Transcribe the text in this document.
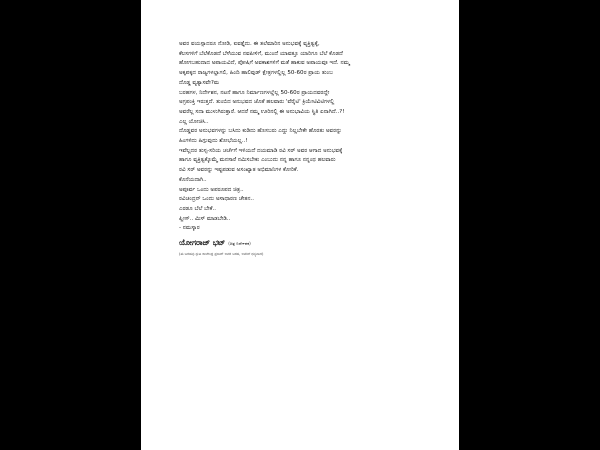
ಅವರ ವಯಸ್ಸಾದರೂ ನೋಡಿ, ಐವತ್ತೈದು. ಈ ತಲೆಮಾರಿನ ಅನುಭವಕ್ಕೆ ವ್ಯಕ್ತಿತ್ವಕ್ಕೆ,
ಕೆಲಸಗಳಿಗೆ ಬೆಲೆಕೊಡದೆ ಬೆಳೆಯುವ ನವಪೀಳಿಗೆ, ಮುಂದೆ ಯಾವತ್ತೂ ಯಾರಿಗೂ ಬೆಲೆ ಕೊಡದೆ
ಹೋಗಬಹುದಾದ ಅಪಾಯವಿದೆ, ಪೋಷಿಗೆ ಅವಕಾಶಗಳಿಗೆ ಮತೆ ಹಾಕುವ ಅಪಾಯವೂ ಇದೆ. ನಮ್ಮ
ಅಕ್ಕಪಕ್ಕದ ರಾಜ್ಯಗಳಲ್ಲಾಗಲಿ, ಹಿಂದಿ ಹಾಲಿವುಡ್ ಕ್ಷೇತ್ರಗಳಲ್ಲಿಲ್ಲ 50-60ರ ಪ್ರಾಯ ತುಂಬ
ದೊಡ್ಡ ವ್ಯತ್ಯಾಸವೇ?ಮ
ಬರಹಗಳ, ನಿರ್ದೇಶನ, ನಟನೆ ಹಾಗೂ ನಿರ್ಮಾಣಗಳಲ್ಲೆಲ್ಲ 50-60ರ ಪ್ರಾಯದವರದ್ದೇ
ಅಗ್ರಪಂಕ್ತಿ ಇರುತ್ತದೆ. ತುಂಬಿದ ಅನುಭವದ ಜೊತೆ ಹಲವಾರು 'ವೆರೈಟಿ' ಕ್ರಿಯೇಟಿವಿಟಿಗಳಲ್ಲಿ
ಅವರೆಲ್ಲ ಸದಾ ಮುಳುಗಿರುತ್ತಾರೆ. ಆದರೆ ನಮ್ಮ ಊರಿನಲ್ಲಿ ಈ ಅನುಭಾವಿಯ ಸ್ಥಿತಿ ಏನಾಗಿದೆ..?!
ಎಲ್ಲ ಯೋಚಿಸಿ..
ದೊಡ್ಡವರ ಅನುಭವಗಳನ್ನು ಬಸಿದು ಕುಡಿದು ಹೊಸಬರು ಎದ್ದು ನಿಲ್ಲಬೇಕೇ ಹೊರತು ಅವರನ್ನು
ಹಿಂಗಳಿದು ಹಿಗ್ಗುವುದು ಶೋಭೆಯಲ್ಲ..!
ಇವೆಲ್ಲದರ ತುಸ್ಸ-ಸರಿಯ ಚರ್ಚೆಗೆ ಇಳಿಯದೆ ದಯಮಾಡಿ ರವಿ ಸರ್ ಅವರ ಆಗಾದ ಅನುಭವಕ್ಕೆ
ಹಾಗೂ ವ್ಯಕ್ತಿತ್ವಕ್ಕೊಮ್ಮೆ ಮನಸಾರೆ ನಮಿಸಬೇಕು ಎಂಬುದು ನನ್ನ ಹಾಗೂ ನನ್ನಂಥ ಹಲವಾರು
ರವಿ ಸರ್ ಅವರನ್ನು ಇಷ್ಟಪಡುವ ಅಸಂಖ್ಯಾತ ಅಭಿಮಾನಿಗಳ ಕೋರಿಕೆ.
ಕೊನೆಯದಾಗಿ..
ಅಪೂರ್ವ ಒಂದು ಅಪರೂಪದ ಚಿತ್ರ..
ರವಿಚಂದ್ರನ್ ಒಂದು ಅಸಾಧಾರಣ ಚೇತನ..
ಎರಡೂ ಬೆಲೆ ಬೇಕೆ..
ಪ್ಲೀಸ್.. ಮಿಸ್ ಮಾಡಬೇಡಿ..
- ನಮಸ್ಕಾರ
ಯೋಗರಾಜ್ ಭಟ್ (ಚಿತ್ರ ನಿರ್ದೇಶಕ)
(ಈ ಬರಹವು ಸ್ಫುಟ ರಾಜೇಂದ್ರ ಪ್ರಸಾದ್ ಅವರ ಬರಹ, ಅವರಿಗೆ ಧನ್ಯವಾದ)
